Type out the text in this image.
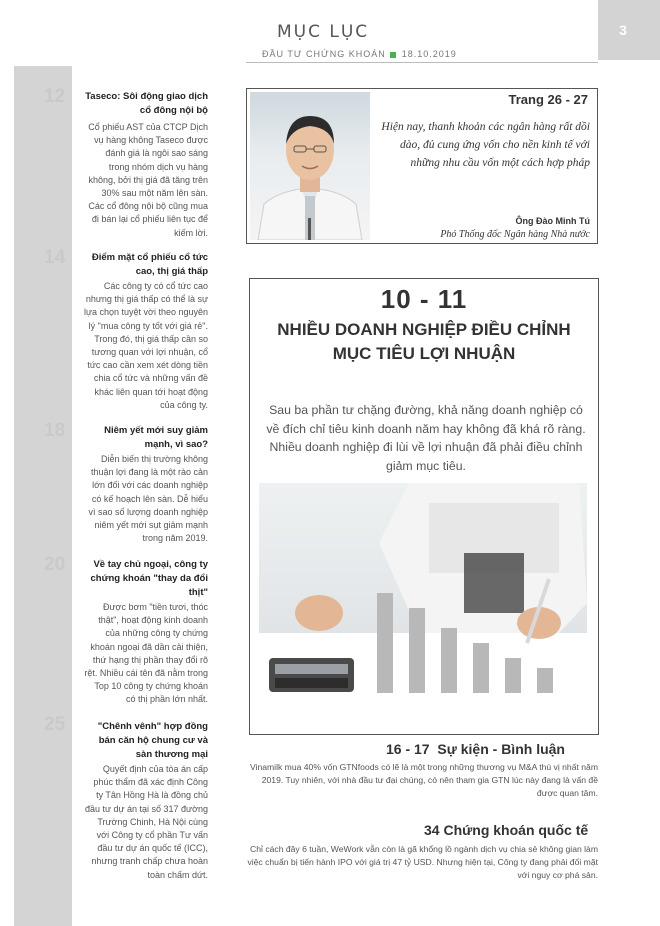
MỤC LỤC
ĐẦU TƯ CHỨNG KHOÁN 18.10.2019
3
12 Taseco: Sôi động giao dịch cổ đông nội bộ
Cổ phiếu AST của CTCP Dịch vụ hàng không Taseco được đánh giá là ngôi sao sáng trong nhóm dịch vụ hàng không, bởi thị giá đã tăng trên 30% sau một năm lên sàn. Các cổ đông nội bộ cũng mua đi bán lại cổ phiếu liên tục để kiếm lời.
14	Điểm mặt cổ phiếu cổ tức cao, thị giá thấp
Các công ty có cổ tức cao nhưng thị giá thấp có thể là sự lựa chọn tuyệt vời theo nguyên lý "mua công ty tốt với giá rẻ". Trong đó, thị giá thấp cần so tương quan với lợi nhuận, cổ tức cao cần xem xét dòng tiền chia cổ tức và những vấn đề khác liên quan tới hoạt động của công ty.
18	Niêm yết mới suy giảm mạnh, vì sao?
Diễn biến thị trường không thuận lợi đang là một rào cản lớn đối với các doanh nghiệp có kế hoạch lên sàn. Dễ hiểu vì sao số lượng doanh nghiệp niêm yết mới sụt giảm mạnh trong năm 2019.
20	Về tay chủ ngoại, công ty chứng khoán "thay da đổi thịt"
Được bơm "tiền tươi, thóc thật", hoạt động kinh doanh của những công ty chứng khoán ngoại đã dần cải thiện, thứ hạng thị phần thay đổi rõ rệt. Nhiều cái tên đã nằm trong Top 10 công ty chứng khoán có thị phần lớn nhất.
25	"Chênh vênh" hợp đồng bán căn hộ chung cư và sàn thương mại
Quyết định của tòa án cấp phúc thẩm đã xác định Công ty Tân Hồng Hà là đồng chủ đầu tư dự án tại số 317 đường Trường Chinh, Hà Nội cùng với Công ty cổ phần Tư vấn đầu tư dự án quốc tế (ICC), nhưng tranh chấp chưa hoàn toàn chấm dứt.
Trang 26 - 27
Hiện nay, thanh khoản các ngân hàng rất dồi dào, đủ cung ứng vốn cho nền kinh tế với những nhu cầu vốn một cách hợp pháp
Ông Đào Minh Tú
Phó Thống đốc Ngân hàng Nhà nước
10 - 11
NHIỀU DOANH NGHIỆP ĐIỀU CHỈNH MỤC TIÊU LỢI NHUẬN
Sau ba phần tư chặng đường, khả năng doanh nghiệp có về đích chỉ tiêu kinh doanh năm hay không đã khá rõ ràng. Nhiều doanh nghiệp đi lùi về lợi nhuận đã phải điều chỉnh giảm mục tiêu.
16 - 17 Sự kiện - Bình luận
Vinamilk mua 40% vốn GTNfoods có lẽ là một trong những thương vụ M&A thú vị nhất năm 2019. Tuy nhiên, với nhà đầu tư đại chúng, có nên tham gia GTN lúc này đang là vấn đề được quan tâm.
34 Chứng khoán quốc tế
Chỉ cách đây 6 tuần, WeWork vẫn còn là gã khổng lồ ngành dịch vụ chia sẻ không gian làm việc chuẩn bị tiến hành IPO với giá trị 47 tỷ USD. Nhưng hiện tại, Công ty đang phải đối mặt với nguy cơ phá sản.
